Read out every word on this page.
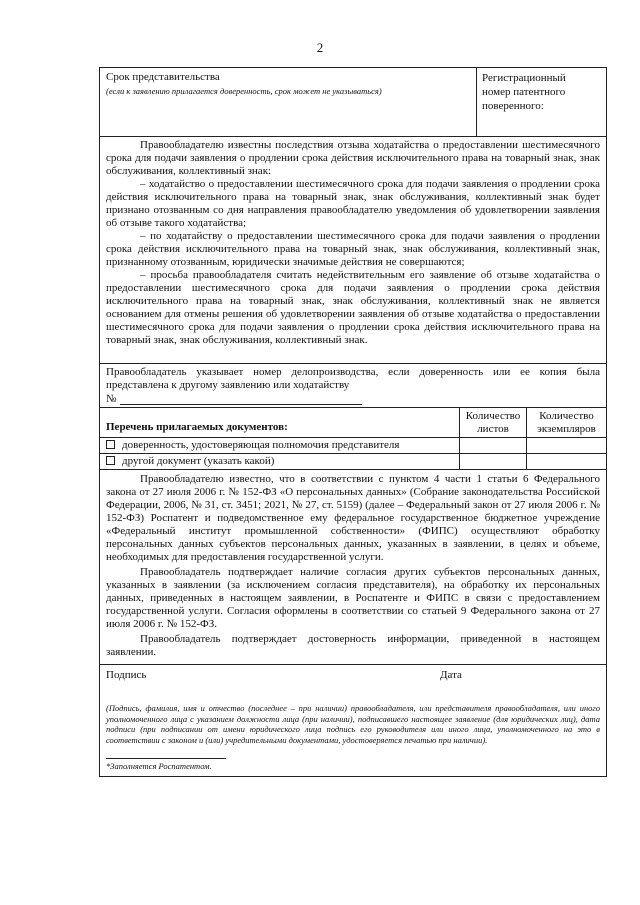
2
Срок представительства
(если к заявлению прилагается доверенность, срок может не указываться)
Регистрационный номер патентного поверенного:

Правообладателю известны последствия отзыва ходатайства о предоставлении шестимесячного срока для подачи заявления о продлении срока действия исключительного права на товарный знак, знак обслуживания, коллективный знак:

– ходатайство о предоставлении шестимесячного срока для подачи заявления о продлении срока действия исключительного права на товарный знак, знак обслуживания, коллективный знак будет признано отозванным со дня направления правообладателю уведомления об удовлетворении заявления об отзыве такого ходатайства;

– по ходатайству о предоставлении шестимесячного срока для подачи заявления о продлении срока действия исключительного права на товарный знак, знак обслуживания, коллективный знак, признанному отозванным, юридически значимые действия не совершаются;

– просьба правообладателя считать недействительным его заявление об отзыве ходатайства о предоставлении шестимесячного срока для подачи заявления о продлении срока действия исключительного права на товарный знак, знак обслуживания, коллективный знак не является основанием для отмены решения об удовлетворении заявления об отзыве ходатайства о предоставлении шестимесячного срока для подачи заявления о продлении срока действия исключительного права на товарный знак, знак обслуживания, коллективный знак.

Правообладатель указывает номер делопроизводства, если доверенность или ее копия была представлена к другому заявлению или ходатайству

№
Перечень прилагаемых документов:
Количество листов
Количество экземпляров
доверенность, удостоверяющая полномочия представителя
другой документ (указать какой)

Правообладателю известно, что в соответствии с пунктом 4 части 1 статьи 6 Федерального закона от 27 июля 2006 г. № 152-ФЗ «О персональных данных» (Собрание законодательства Российской Федерации, 2006, № 31, ст. 3451; 2021, № 27, ст. 5159) (далее – Федеральный закон от 27 июля 2006 г. № 152-ФЗ) Роспатент и подведомственное ему федеральное государственное бюджетное учреждение «Федеральный институт промышленной собственности» (ФИПС) осуществляют обработку персональных данных субъектов персональных данных, указанных в заявлении, в целях и объеме, необходимых для предоставления государственной услуги.

Правообладатель подтверждает наличие согласия других субъектов персональных данных, указанных в заявлении (за исключением согласия представителя), на обработку их персональных данных, приведенных в настоящем заявлении, в Роспатенте и ФИПС в связи с предоставлением государственной услуги. Согласия оформлены в соответствии со статьей 9 Федерального закона от 27 июля 2006 г. № 152-ФЗ.

Правообладатель подтверждает достоверность информации, приведенной в настоящем заявлении.

Подпись	Дата
(Подпись, фамилия, имя и отчество (последнее – при наличии) правообладателя, или представителя правообладателя, или иного уполномоченного лица с указанием должности лица (при наличии), подписавшего настоящее заявление (для юридических лиц), дата подписи (при подписании от имени юридического лица подпись его руководителя или иного лица, уполномоченного на это в соответствии с законом и (или) учредительными документами, удостоверяется печатью при наличии).
*Заполняется Роспатентом.
